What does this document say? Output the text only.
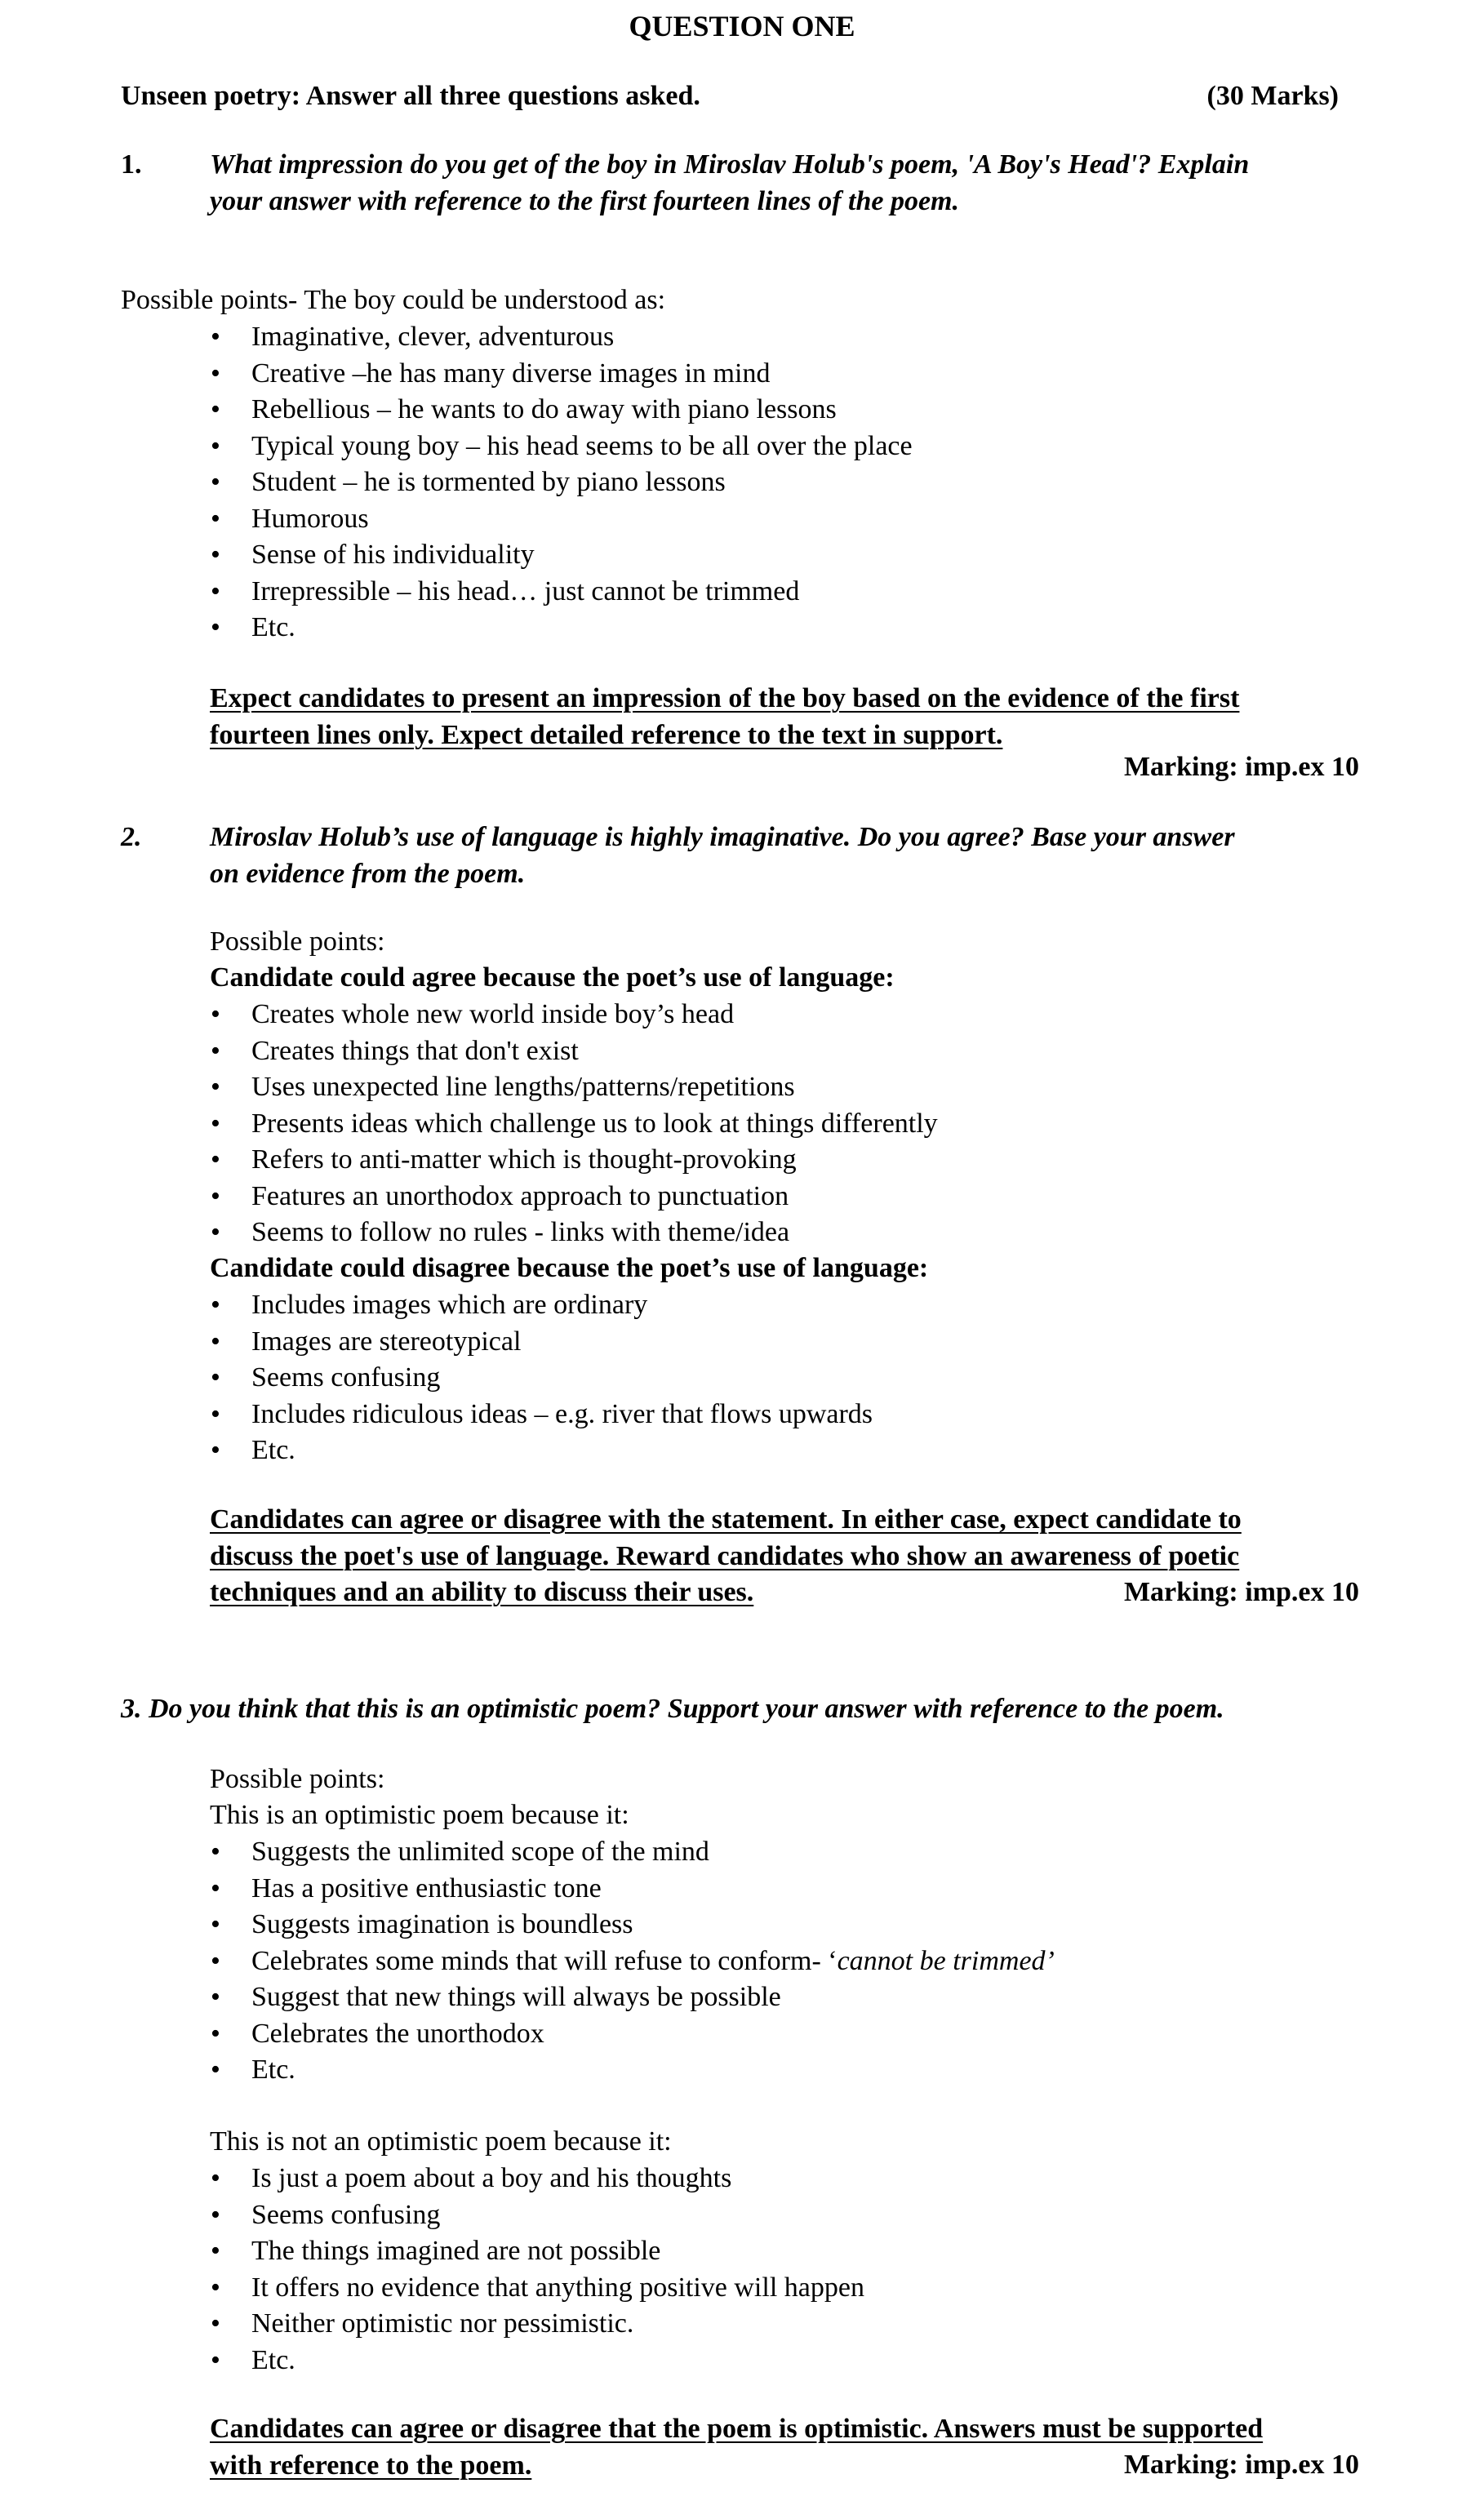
QUESTION ONE
Unseen poetry: Answer all three questions asked.	(30 Marks)
1. What impression do you get of the boy in Miroslav Holub's poem, 'A Boy's Head'? Explain
your answer with reference to the first fourteen lines of the poem.
Possible points- The boy could be understood as:
• Imaginative, clever, adventurous
• Creative –he has many diverse images in mind
• Rebellious – he wants to do away with piano lessons
• Typical young boy – his head seems to be all over the place
• Student – he is tormented by piano lessons
• Humorous
• Sense of his individuality
• Irrepressible – his head… just cannot be trimmed
• Etc.
Expect candidates to present an impression of the boy based on the evidence of the first
fourteen lines only. Expect detailed reference to the text in support.
Marking: imp.ex 10
2. Miroslav Holub’s use of language is highly imaginative. Do you agree? Base your answer
on evidence from the poem.
Possible points:
Candidate could agree because the poet’s use of language:
• Creates whole new world inside boy’s head
• Creates things that don't exist
• Uses unexpected line lengths/patterns/repetitions
• Presents ideas which challenge us to look at things differently
• Refers to anti-matter which is thought-provoking
• Features an unorthodox approach to punctuation
• Seems to follow no rules - links with theme/idea
Candidate could disagree because the poet’s use of language:
• Includes images which are ordinary
• Images are stereotypical
• Seems confusing
• Includes ridiculous ideas – e.g. river that flows upwards
• Etc.
Candidates can agree or disagree with the statement. In either case, expect candidate to
discuss the poet's use of language. Reward candidates who show an awareness of poetic
techniques and an ability to discuss their uses.	Marking: imp.ex 10
3. Do you think that this is an optimistic poem? Support your answer with reference to the poem.
Possible points:
This is an optimistic poem because it:
• Suggests the unlimited scope of the mind
• Has a positive enthusiastic tone
• Suggests imagination is boundless
• Celebrates some minds that will refuse to conform- ‘cannot be trimmed’
• Suggest that new things will always be possible
• Celebrates the unorthodox
• Etc.
This is not an optimistic poem because it:
• Is just a poem about a boy and his thoughts
• Seems confusing
• The things imagined are not possible
• It offers no evidence that anything positive will happen
• Neither optimistic nor pessimistic.
• Etc.
Candidates can agree or disagree that the poem is optimistic. Answers must be supported
with reference to the poem.	Marking: imp.ex 10
